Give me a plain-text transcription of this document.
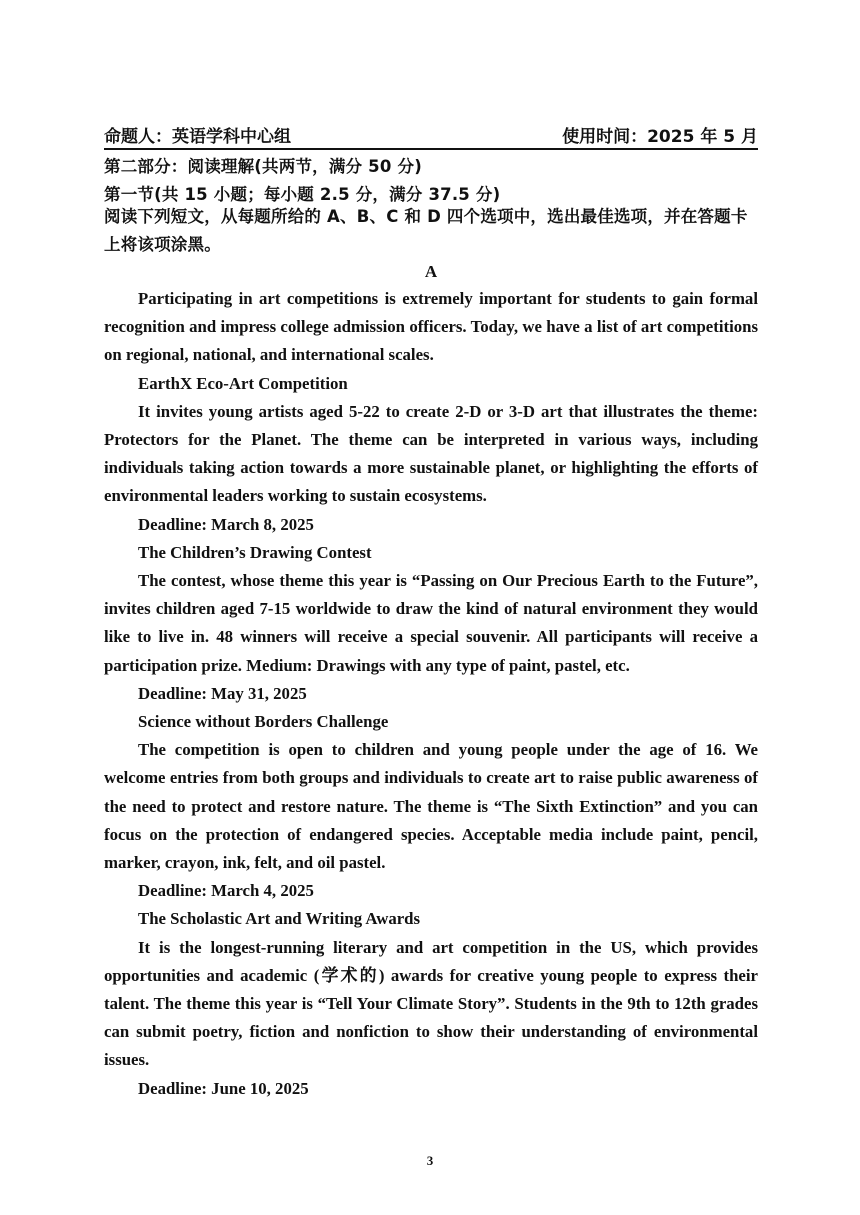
命题人：英语学科中心组	使用时间：2025 年 5 月
第二部分：阅读理解(共两节，满分 50 分)
第一节(共 15 小题；每小题 2.5 分，满分 37.5 分)
阅读下列短文，从每题所给的 A、B、C 和 D 四个选项中，选出最佳选项，并在答题卡上将该项涂黑。
A

Participating in art competitions is extremely important for students to gain formal recognition and impress college admission officers. Today, we have a list of art competitions on regional, national, and international scales.

EarthX Eco-Art Competition

It invites young artists aged 5-22 to create 2-D or 3-D art that illustrates the theme: Protectors for the Planet. The theme can be interpreted in various ways, including individuals taking action towards a more sustainable planet, or highlighting the efforts of environmental leaders working to sustain ecosystems.

Deadline: March 8, 2025
The Children’s Drawing Contest

The contest, whose theme this year is “Passing on Our Precious Earth to the Future”, invites children aged 7-15 worldwide to draw the kind of natural environment they would like to live in. 48 winners will receive a special souvenir. All participants will receive a participation prize. Medium: Drawings with any type of paint, pastel, etc.

Deadline: May 31, 2025
Science without Borders Challenge

The competition is open to children and young people under the age of 16. We welcome entries from both groups and individuals to create art to raise public awareness of the need to protect and restore nature. The theme is “The Sixth Extinction” and you can focus on the protection of endangered species. Acceptable media include paint, pencil, marker, crayon, ink, felt, and oil pastel.

Deadline: March 4, 2025
The Scholastic Art and Writing Awards

It is the longest-running literary and art competition in the US, which provides opportunities and academic (学术的) awards for creative young people to express their talent. The theme this year is “Tell Your Climate Story”. Students in the 9th to 12th grades can submit poetry, fiction and nonfiction to show their understanding of environmental issues.

Deadline: June 10, 2025
3
